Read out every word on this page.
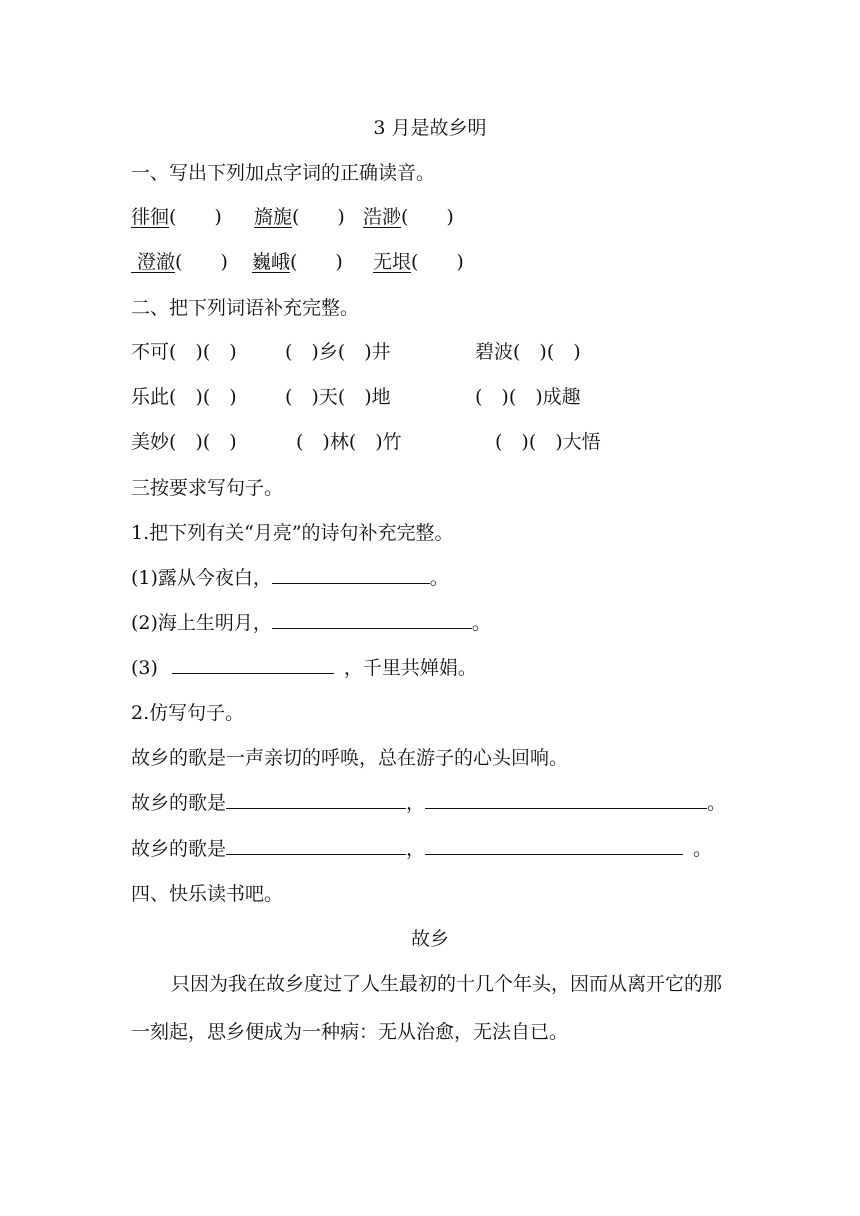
3 月是故乡明
一、写出下列加点字词的正确读音。
徘徊(　　) 旖旎(　　) 浩渺(　　)
澄澈(　　) 巍峨(　　) 无垠(　　)
二、把下列词语补充完整。
不可(　)(　)	(　)乡(　)井	碧波(　)(　)
乐此(　)(　)	(　)天(　)地	(　)(　)成趣
美妙(　)(　)	(　)林(　)竹	(　)(　)大悟
三按要求写句子。
1.把下列有关“月亮”的诗句补充完整。
(1)露从今夜白，	。
(2)海上生明月，	。
(3)	，千里共婵娟。
2.仿写句子。
故乡的歌是一声亲切的呼唤，总在游子的心头回响。
故乡的歌是	，	。
故乡的歌是	，	。
四、快乐读书吧。
故乡
只因为我在故乡度过了人生最初的十几个年头，因而从离开它的那一刻起，思乡便成为一种病：无从治愈，无法自已。
